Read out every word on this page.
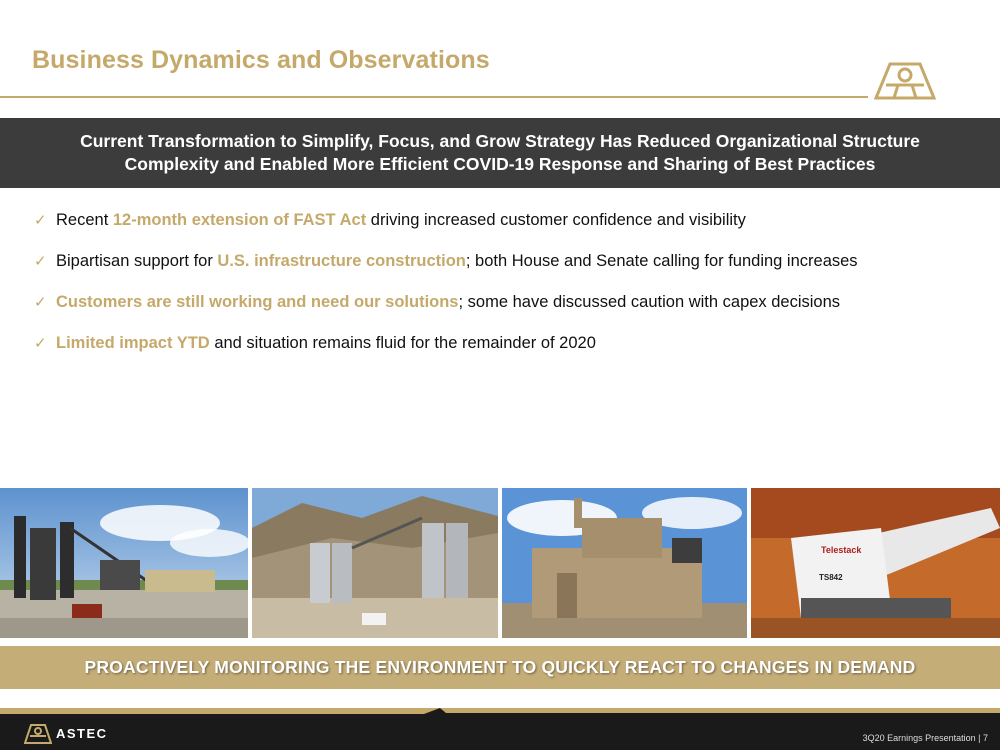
Business Dynamics and Observations
Current Transformation to Simplify, Focus, and Grow Strategy Has Reduced Organizational Structure
Complexity and Enabled More Efficient COVID-19 Response and Sharing of Best Practices
✓ Recent 12-month extension of FAST Act driving increased customer confidence and visibility
✓ Bipartisan support for U.S. infrastructure construction; both House and Senate calling for funding increases
✓ Customers are still working and need our solutions; some have discussed caution with capex decisions
✓ Limited impact YTD and situation remains fluid for the remainder of 2020
Telestack
TS842
PROACTIVELY MONITORING THE ENVIRONMENT TO QUICKLY REACT TO CHANGES IN DEMAND
ASTEC	3Q20 Earnings Presentation | 7
